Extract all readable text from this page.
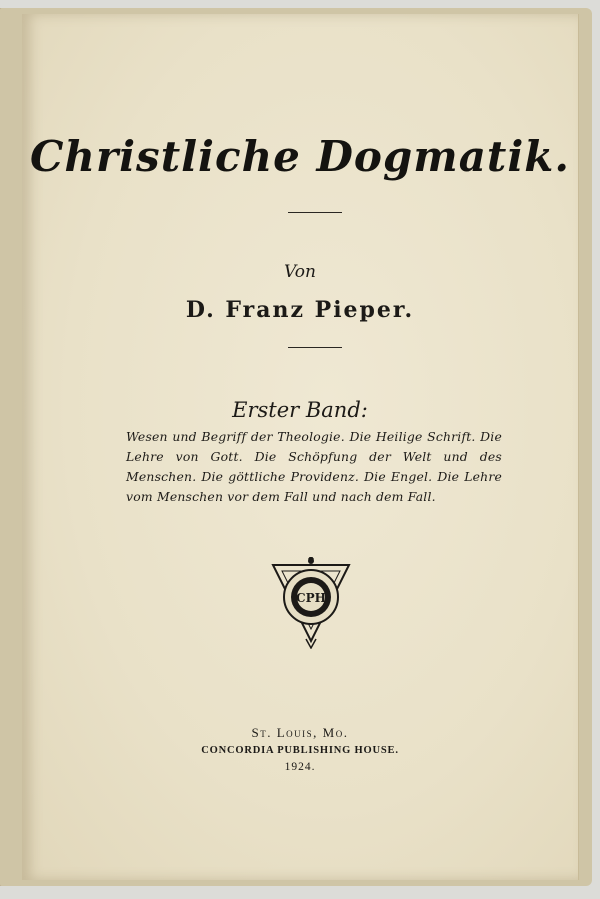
Christliche Dogmatik.
Von
D. Franz Pieper.
Erster Band:
Wesen und Begriff der Theologie. Die Heilige Schrift. Die Lehre von Gott. Die Schöpfung der Welt und des Menschen. Die göttliche Providenz. Die Engel. Die Lehre vom Menschen vor dem Fall und nach dem Fall.
CPH
St. Louis, Mo.
CONCORDIA PUBLISHING HOUSE.
1924.
